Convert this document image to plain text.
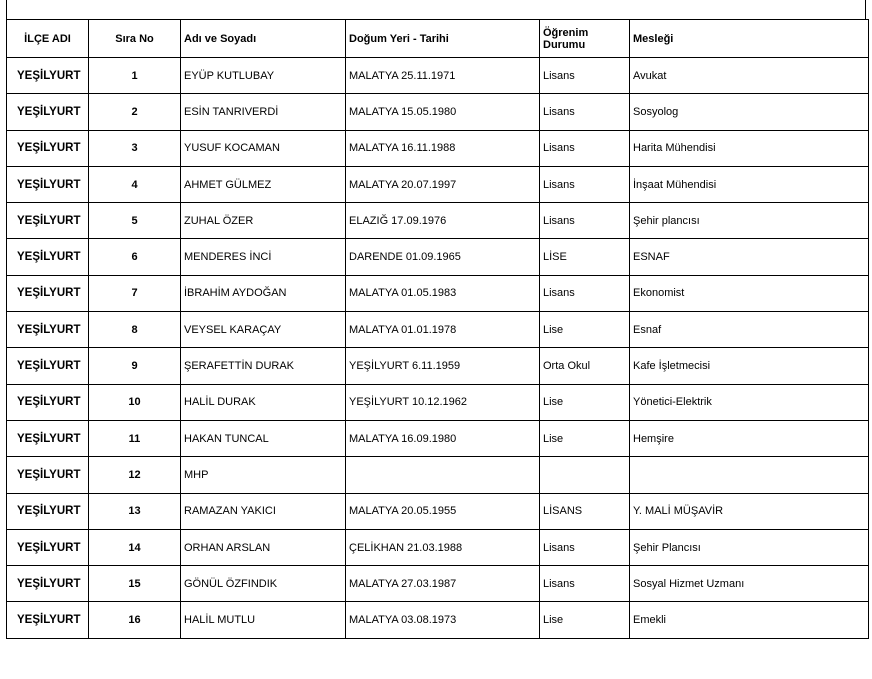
İLÇE ADI	Sıra No	Adı ve Soyadı	Doğum Yeri - Tarihi	Öğrenim Durumu	Mesleği
YEŞİLYURT	1	EYÜP KUTLUBAY	MALATYA 25.11.1971	Lisans	Avukat
YEŞİLYURT	2	ESİN TANRIVERDİ	MALATYA 15.05.1980	Lisans	Sosyolog
YEŞİLYURT	3	YUSUF KOCAMAN	MALATYA 16.11.1988	Lisans	Harita Mühendisi
YEŞİLYURT	4	AHMET GÜLMEZ	MALATYA 20.07.1997	Lisans	İnşaat Mühendisi
YEŞİLYURT	5	ZUHAL ÖZER	ELAZIĞ 17.09.1976	Lisans	Şehir plancısı
YEŞİLYURT	6	MENDERES İNCİ	DARENDE 01.09.1965	LİSE	ESNAF
YEŞİLYURT	7	İBRAHİM AYDOĞAN	MALATYA 01.05.1983	Lisans	Ekonomist
YEŞİLYURT	8	VEYSEL KARAÇAY	MALATYA 01.01.1978	Lise	Esnaf
YEŞİLYURT	9	ŞERAFETTİN DURAK	YEŞİLYURT 6.11.1959	Orta Okul	Kafe İşletmecisi
YEŞİLYURT	10	HALİL DURAK	YEŞİLYURT 10.12.1962	Lise	Yönetici-Elektrik
YEŞİLYURT	11	HAKAN TUNCAL	MALATYA 16.09.1980	Lise	Hemşire
YEŞİLYURT	12	MHP			
YEŞİLYURT	13	RAMAZAN YAKICI	MALATYA 20.05.1955	LİSANS	Y. MALİ MÜŞAVİR
YEŞİLYURT	14	ORHAN ARSLAN	ÇELİKHAN 21.03.1988	Lisans	Şehir Plancısı
YEŞİLYURT	15	GÖNÜL ÖZFINDIK	MALATYA 27.03.1987	Lisans	Sosyal Hizmet Uzmanı
YEŞİLYURT	16	HALİL MUTLU	MALATYA 03.08.1973	Lise	Emekli
